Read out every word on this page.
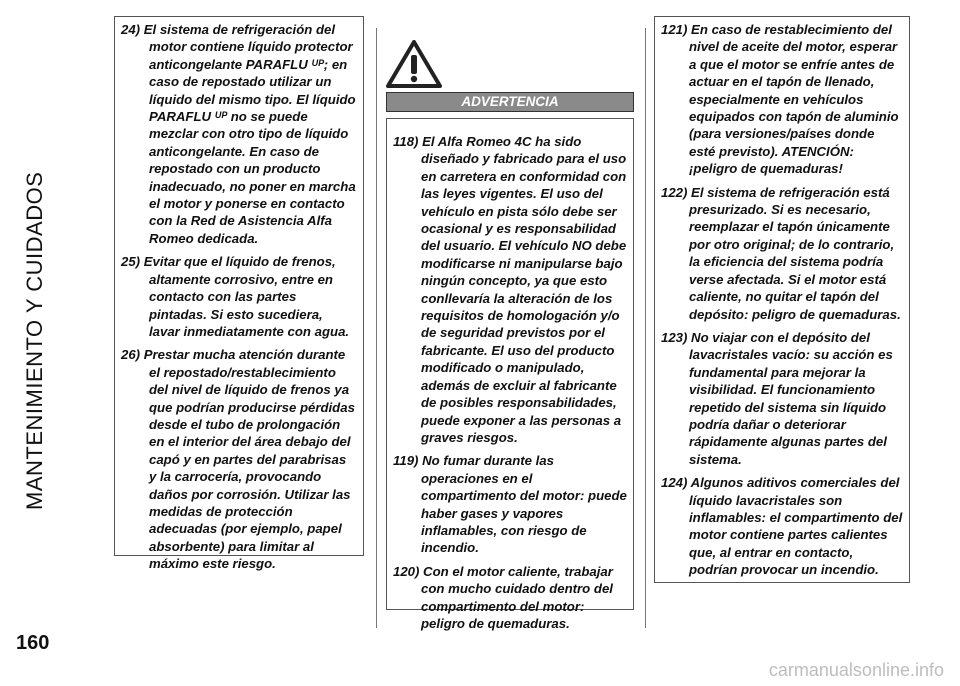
MANTENIMIENTO Y CUIDADOS

24) El sistema de refrigeración del motor contiene líquido protector anticongelante PARAFLU ᵁᴾ; en caso de repostado utilizar un líquido del mismo tipo. El líquido PARAFLU ᵁᴾ no se puede mezclar con otro tipo de líquido anticongelante. En caso de repostado con un producto inadecuado, no poner en marcha el motor y ponerse en contacto con la Red de Asistencia Alfa Romeo dedicada.

25) Evitar que el líquido de frenos, altamente corrosivo, entre en contacto con las partes pintadas. Si esto sucediera, lavar inmediatamente con agua.

26) Prestar mucha atención durante el repostado/restablecimiento del nivel de líquido de frenos ya que podrían producirse pérdidas desde el tubo de prolongación en el interior del área debajo del capó y en partes del parabrisas y la carrocería, provocando daños por corrosión. Utilizar las medidas de protección adecuadas (por ejemplo, papel absorbente) para limitar al máximo este riesgo.

ADVERTENCIA

118) El Alfa Romeo 4C ha sido diseñado y fabricado para el uso en carretera en conformidad con las leyes vigentes. El uso del vehículo en pista sólo debe ser ocasional y es responsabilidad del usuario. El vehículo NO debe modificarse ni manipularse bajo ningún concepto, ya que esto conllevaría la alteración de los requisitos de homologación y/o de seguridad previstos por el fabricante. El uso del producto modificado o manipulado, además de excluir al fabricante de posibles responsabilidades, puede exponer a las personas a graves riesgos.

119) No fumar durante las operaciones en el compartimento del motor: puede haber gases y vapores inflamables, con riesgo de incendio.

120) Con el motor caliente, trabajar con mucho cuidado dentro del compartimento del motor: peligro de quemaduras.

121) En caso de restablecimiento del nivel de aceite del motor, esperar a que el motor se enfríe antes de actuar en el tapón de llenado, especialmente en vehículos equipados con tapón de aluminio (para versiones/países donde esté previsto). ATENCIÓN: ¡peligro de quemaduras!

122) El sistema de refrigeración está presurizado. Si es necesario, reemplazar el tapón únicamente por otro original; de lo contrario, la eficiencia del sistema podría verse afectada. Si el motor está caliente, no quitar el tapón del depósito: peligro de quemaduras.

123) No viajar con el depósito del lavacristales vacío: su acción es fundamental para mejorar la visibilidad. El funcionamiento repetido del sistema sin líquido podría dañar o deteriorar rápidamente algunas partes del sistema.

124) Algunos aditivos comerciales del líquido lavacristales son inflamables: el compartimento del motor contiene partes calientes que, al entrar en contacto, podrían provocar un incendio.

160
carmanualsonline.info
